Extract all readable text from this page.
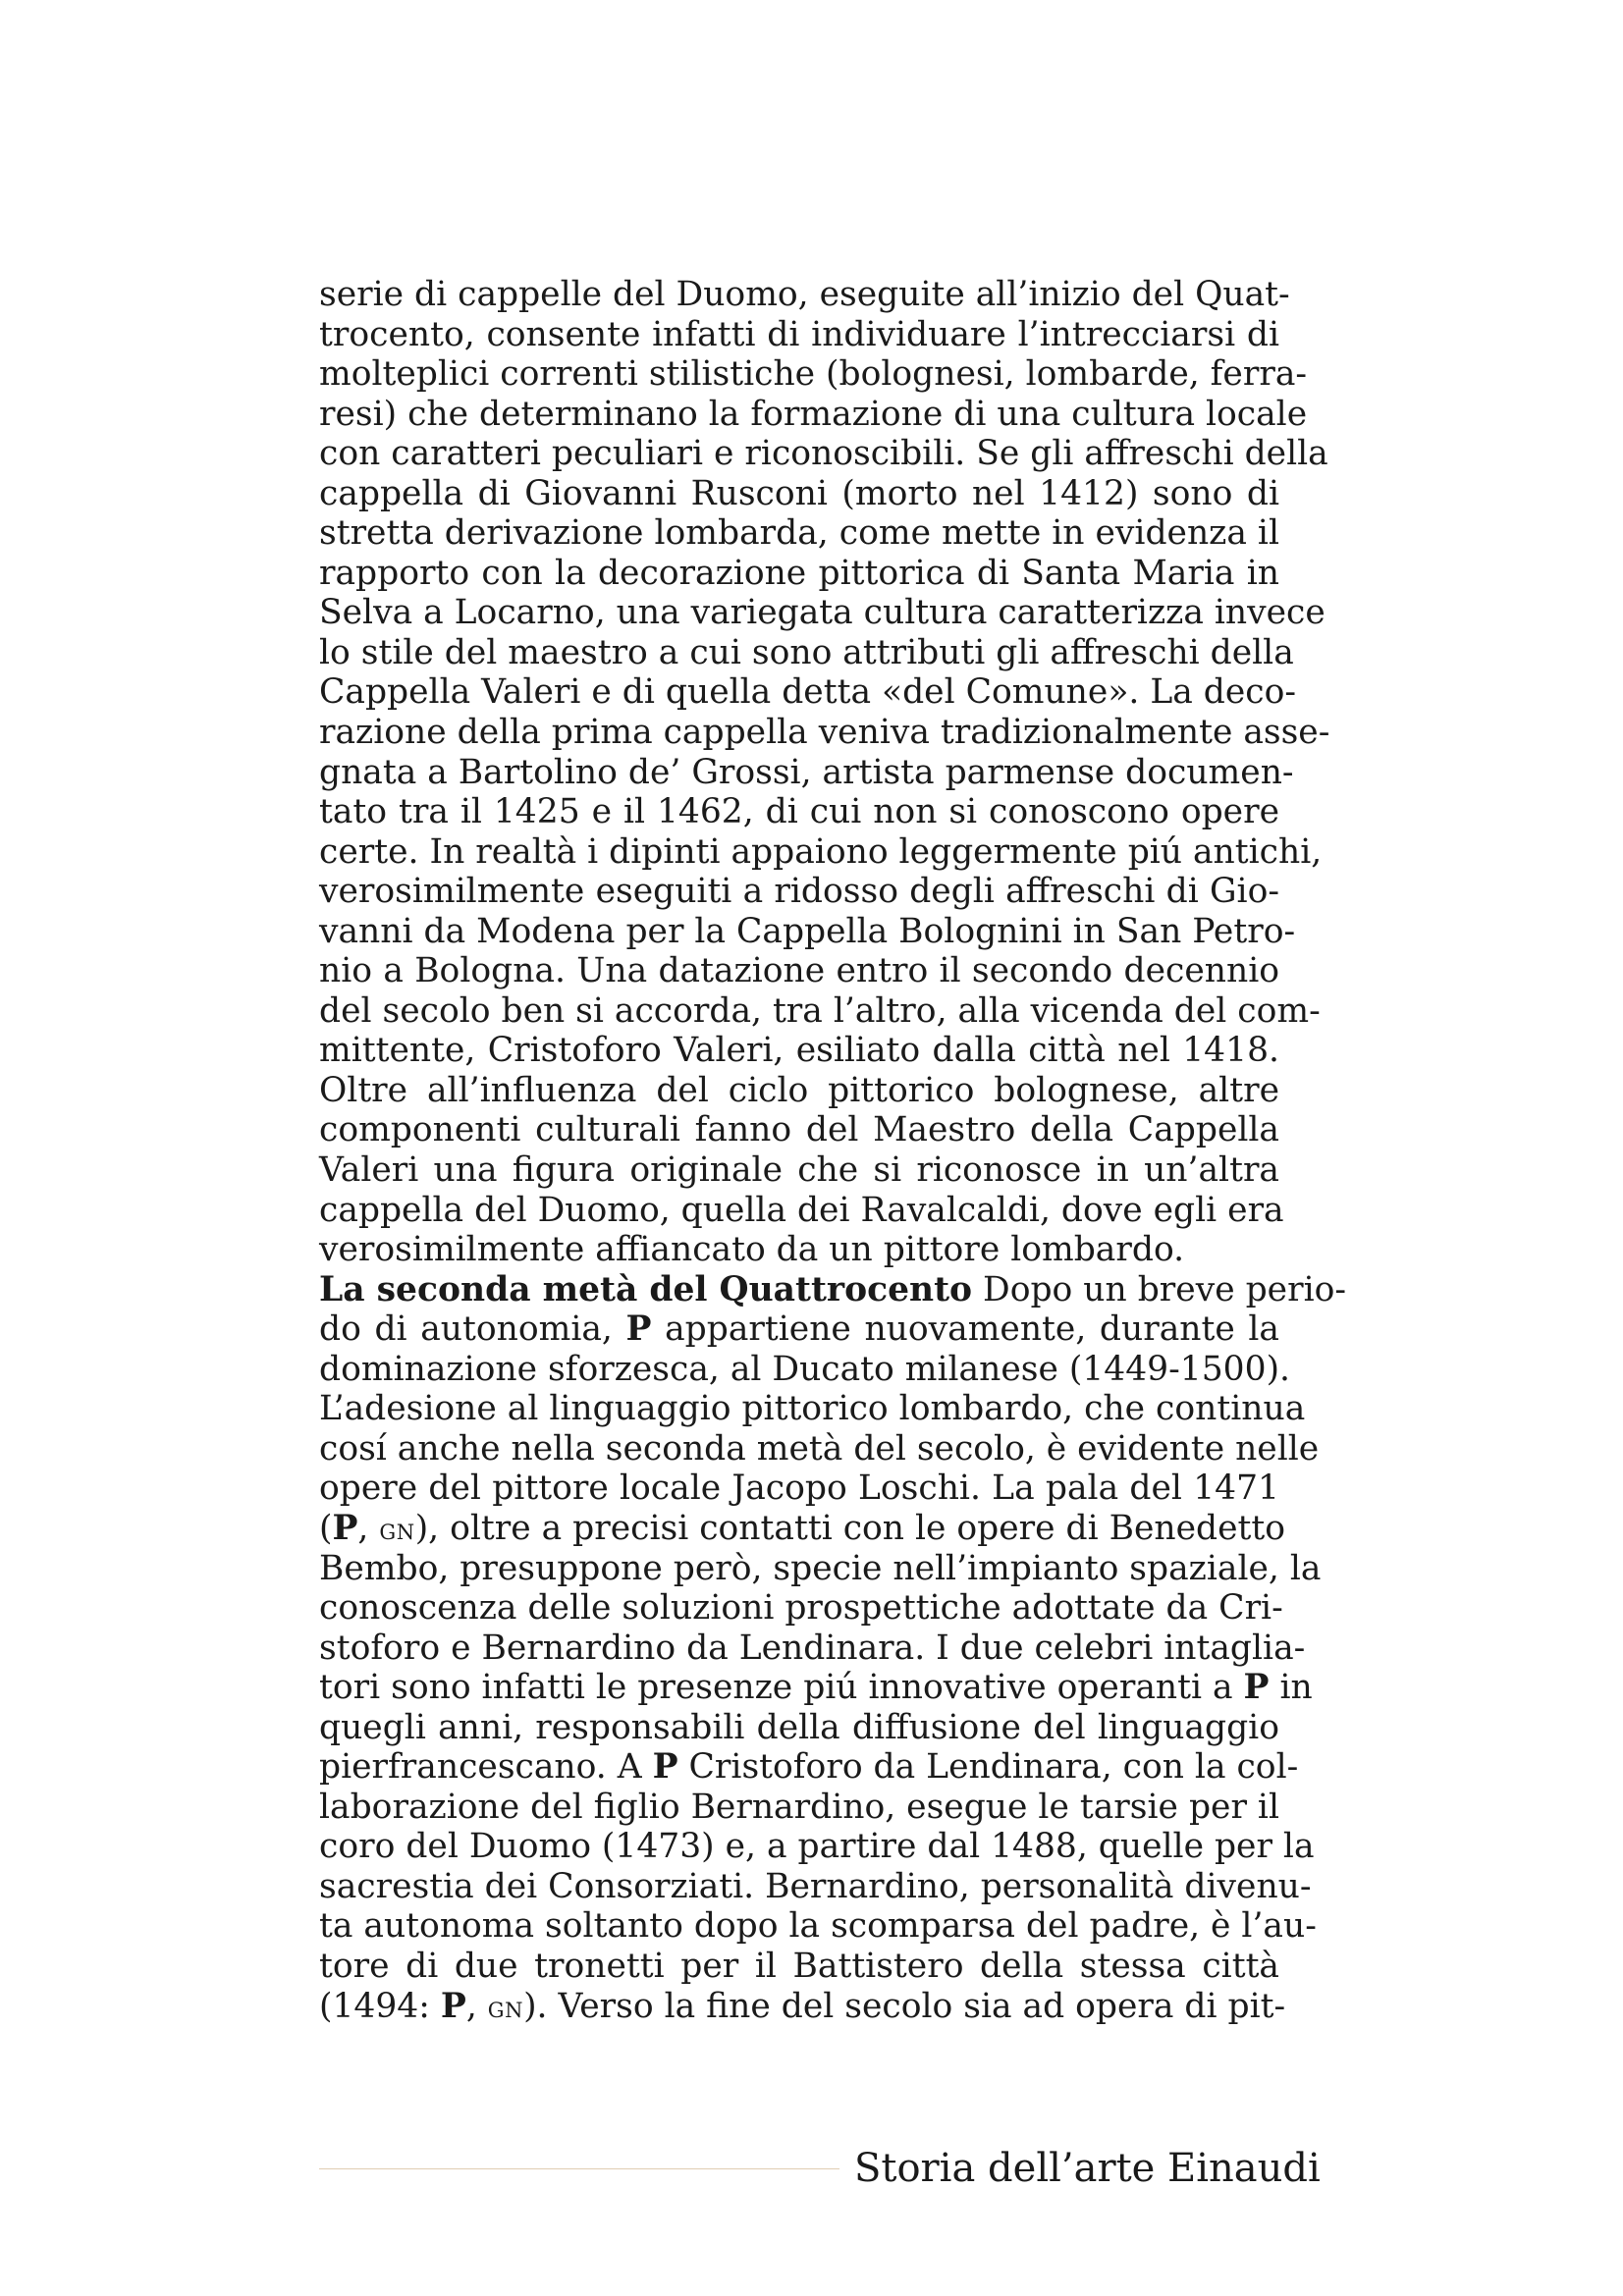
serie di cappelle del Duomo, eseguite all’inizio del Quat-
trocento, consente infatti di individuare l’intrecciarsi di
molteplici correnti stilistiche (bolognesi, lombarde, ferra-
resi) che determinano la formazione di una cultura locale
con caratteri peculiari e riconoscibili. Se gli affreschi della
cappella di Giovanni Rusconi (morto nel 1412) sono di
stretta derivazione lombarda, come mette in evidenza il
rapporto con la decorazione pittorica di Santa Maria in
Selva a Locarno, una variegata cultura caratterizza invece
lo stile del maestro a cui sono attributi gli affreschi della
Cappella Valeri e di quella detta «del Comune». La deco-
razione della prima cappella veniva tradizionalmente asse-
gnata a Bartolino de’ Grossi, artista parmense documen-
tato tra il 1425 e il 1462, di cui non si conoscono opere
certe. In realtà i dipinti appaiono leggermente piú antichi,
verosimilmente eseguiti a ridosso degli affreschi di Gio-
vanni da Modena per la Cappella Bolognini in San Petro-
nio a Bologna. Una datazione entro il secondo decennio
del secolo ben si accorda, tra l’altro, alla vicenda del com-
mittente, Cristoforo Valeri, esiliato dalla città nel 1418.
Oltre all’influenza del ciclo pittorico bolognese, altre
componenti culturali fanno del Maestro della Cappella
Valeri una figura originale che si riconosce in un’altra
cappella del Duomo, quella dei Ravalcaldi, dove egli era
verosimilmente affiancato da un pittore lombardo.
La seconda metà del Quattrocento Dopo un breve perio-
do di autonomia, P appartiene nuovamente, durante la
dominazione sforzesca, al Ducato milanese (1449-1500).
L’adesione al linguaggio pittorico lombardo, che continua
cosí anche nella seconda metà del secolo, è evidente nelle
opere del pittore locale Jacopo Loschi. La pala del 1471
(P, gn), oltre a precisi contatti con le opere di Benedetto
Bembo, presuppone però, specie nell’impianto spaziale, la
conoscenza delle soluzioni prospettiche adottate da Cri-
stoforo e Bernardino da Lendinara. I due celebri intaglia-
tori sono infatti le presenze piú innovative operanti a P in
quegli anni, responsabili della diffusione del linguaggio
pierfrancescano. A P Cristoforo da Lendinara, con la col-
laborazione del figlio Bernardino, esegue le tarsie per il
coro del Duomo (1473) e, a partire dal 1488, quelle per la
sacrestia dei Consorziati. Bernardino, personalità divenu-
ta autonoma soltanto dopo la scomparsa del padre, è l’au-
tore di due tronetti per il Battistero della stessa città
(1494: P, gn). Verso la fine del secolo sia ad opera di pit-
Storia dell’arte Einaudi
